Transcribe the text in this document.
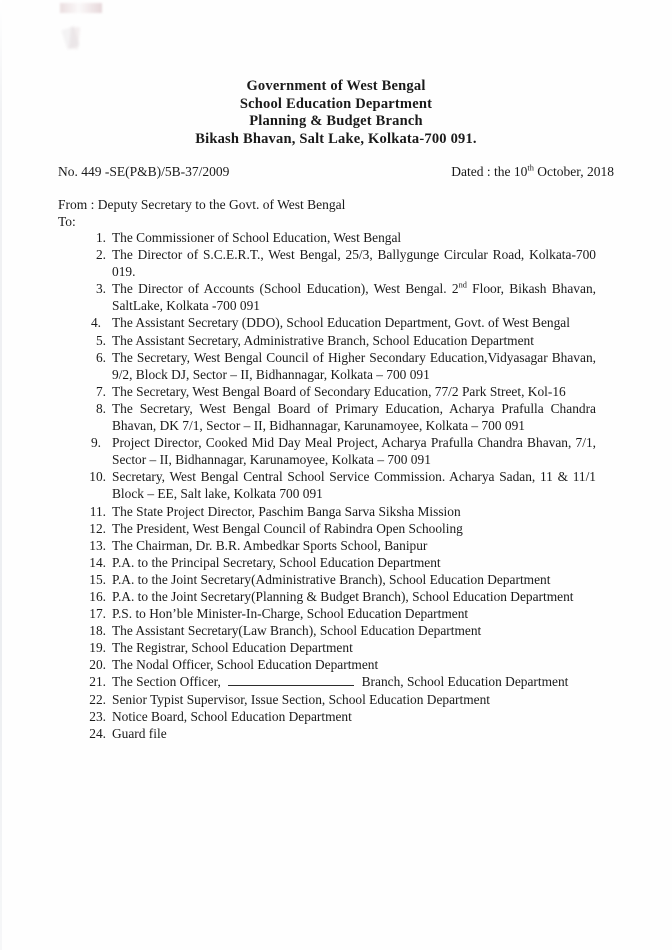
Government of West Bengal
School Education Department
Planning & Budget Branch
Bikash Bhavan, Salt Lake, Kolkata-700 091.
No. 449 -SE(P&B)/5B-37/2009	Dated : the 10th October, 2018
From : Deputy Secretary to the Govt. of West Bengal
To:
1. The Commissioner of School Education, West Bengal
2. The Director of S.C.E.R.T., West Bengal, 25/3, Ballygunge Circular Road, Kolkata-700 019.
3. The Director of Accounts (School Education), West Bengal. 2nd Floor, Bikash Bhavan, SaltLake, Kolkata -700 091
4. The Assistant Secretary (DDO), School Education Department, Govt. of West Bengal
5. The Assistant Secretary, Administrative Branch, School Education Department
6. The Secretary, West Bengal Council of Higher Secondary Education,Vidyasagar Bhavan, 9/2, Block DJ, Sector – II, Bidhannagar, Kolkata – 700 091
7. The Secretary, West Bengal Board of Secondary Education, 77/2 Park Street, Kol-16
8. The Secretary, West Bengal Board of Primary Education, Acharya Prafulla Chandra Bhavan, DK 7/1, Sector – II, Bidhannagar, Karunamoyee, Kolkata – 700 091
9. Project Director, Cooked Mid Day Meal Project, Acharya Prafulla Chandra Bhavan, 7/1, Sector – II, Bidhannagar, Karunamoyee, Kolkata – 700 091
10. Secretary, West Bengal Central School Service Commission. Acharya Sadan, 11 & 11/1 Block – EE, Salt lake, Kolkata 700 091
11. The State Project Director, Paschim Banga Sarva Siksha Mission
12. The President, West Bengal Council of Rabindra Open Schooling
13. The Chairman, Dr. B.R. Ambedkar Sports School, Banipur
14. P.A. to the Principal Secretary, School Education Department
15. P.A. to the Joint Secretary(Administrative Branch), School Education Department
16. P.A. to the Joint Secretary(Planning & Budget Branch), School Education Department
17. P.S. to Hon’ble Minister-In-Charge, School Education Department
18. The Assistant Secretary(Law Branch), School Education Department
19. The Registrar, School Education Department
20. The Nodal Officer, School Education Department
21. The Section Officer,	Branch, School Education Department
22. Senior Typist Supervisor, Issue Section, School Education Department
23. Notice Board, School Education Department
24. Guard file
